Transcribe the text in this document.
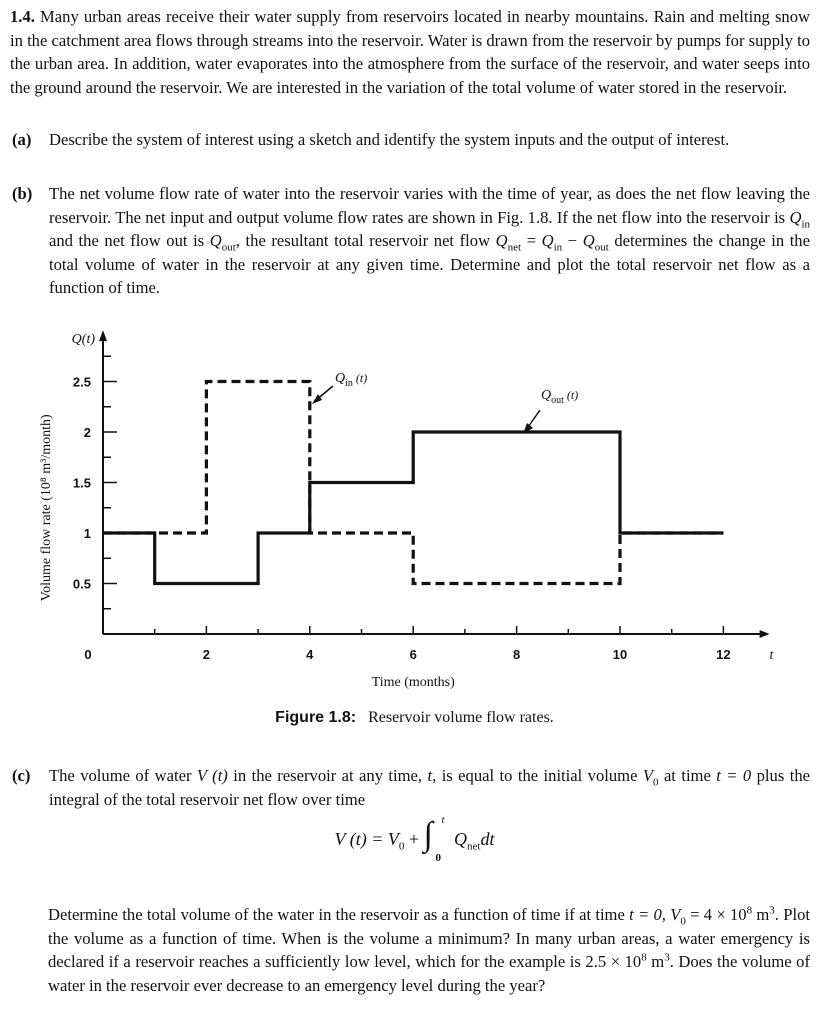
1.4. Many urban areas receive their water supply from reservoirs located in nearby mountains. Rain and melting snow in the catchment area flows through streams into the reservoir. Water is drawn from the reservoir by pumps for supply to the urban area. In addition, water evaporates into the atmosphere from the surface of the reservoir, and water seeps into the ground around the reservoir. We are interested in the variation of the total volume of water stored in the reservoir.
(a) Describe the system of interest using a sketch and identify the system inputs and the output of interest.
(b) The net volume flow rate of water into the reservoir varies with the time of year, as does the net flow leaving the reservoir. The net input and output volume flow rates are shown in Fig. 1.8. If the net flow into the reservoir is $Q_{in}$ and the net flow out is $Q_{out}$, the resultant total reservoir net flow $Q_{net} = Q_{in} - Q_{out}$ determines the change in the total volume of water in the reservoir at any given time. Determine and plot the total reservoir net flow as a function of time.
0	2	4	6	8	10	12	t
0.5
1
1.5
2
2.5
Q(t)
Time (months)
Volume flow rate (10⁸ m³/month)
$Q_{in}$ (t)
$Q_{out}$ (t)
Figure 1.8: Reservoir volume flow rates.
(c) The volume of water V (t) in the reservoir at any time, t, is equal to the initial volume $V_0$ at time t = 0 plus the integral of the total reservoir net flow over time
V $(t) = V_0$ + ∫ t
0
$Q_{net}dt$
Determine the total volume of the water in the reservoir as a function of time if at time t = 0, $V_0 = 4 \times 10^8$ $m^3$. Plot the volume as a function of time. When is the volume a minimum? In many urban areas, a water emergency is declared if a reservoir reaches a sufficiently low level, which for the example is $2.5 \times 10^8$ $m^3$. Does the volume of water in the reservoir ever decrease to an emergency level during the year?
